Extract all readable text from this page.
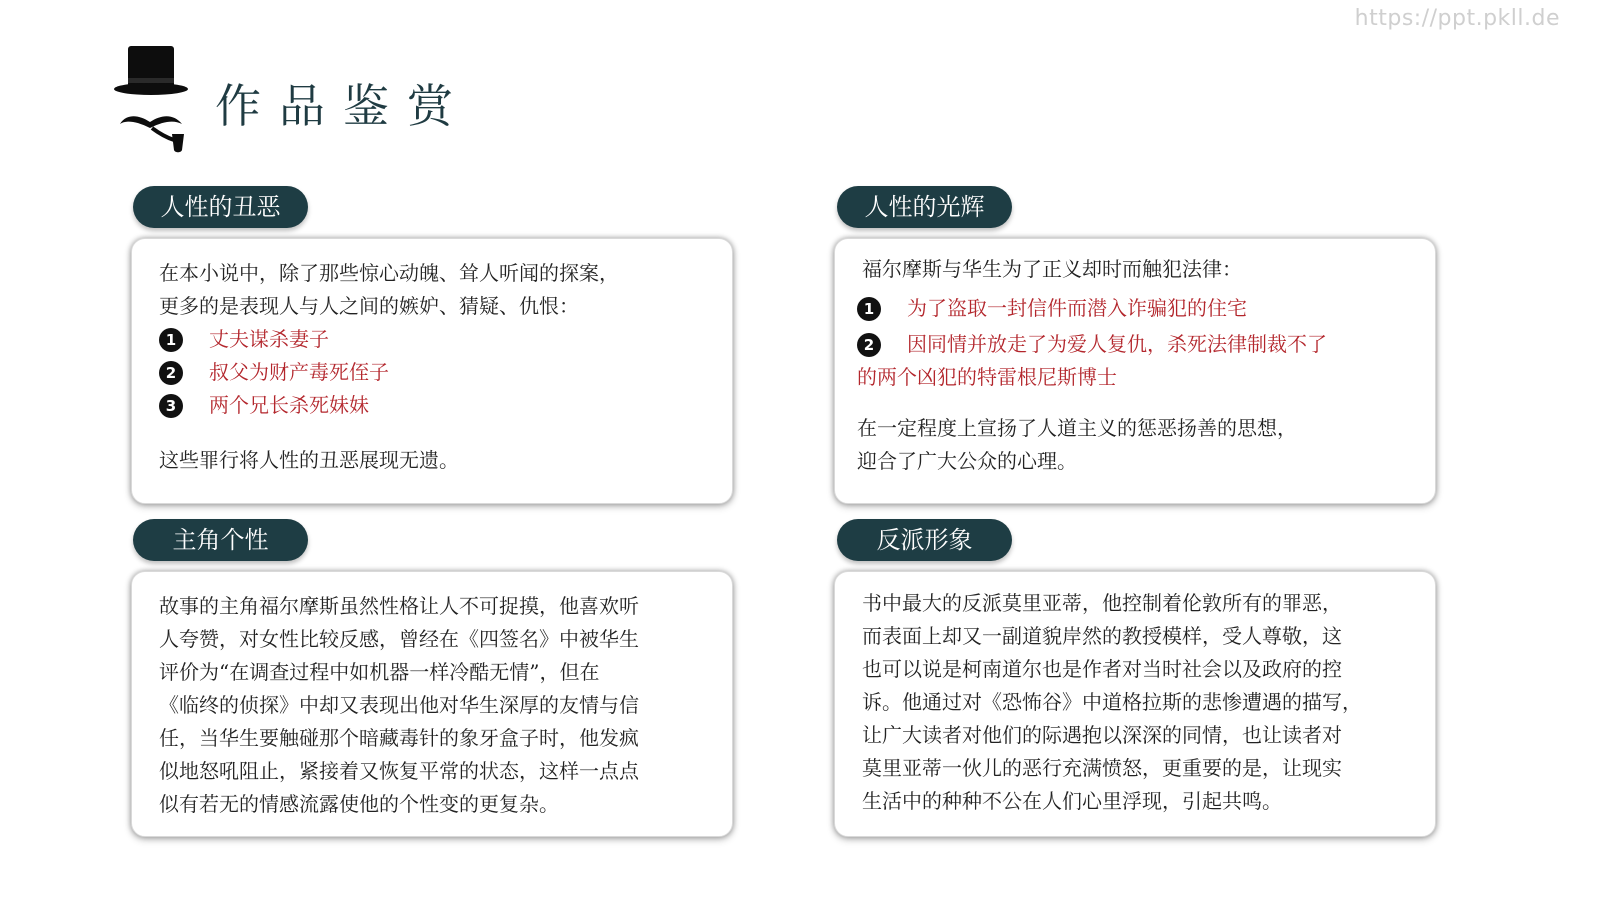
https://ppt.pkll.de
作品鉴赏
人性的丑恶

在本小说中，除了那些惊心动魄、耸人听闻的探案，

更多的是表现人与人之间的嫉妒、猜疑、仇恨：

1	丈夫谋杀妻子
2	叔父为财产毒死侄子
3	两个兄长杀死妹妹

这些罪行将人性的丑恶展现无遗。

人性的光辉

福尔摩斯与华生为了正义却时而触犯法律：

1	为了盗取一封信件而潜入诈骗犯的住宅
2	因同情并放走了为爱人复仇，杀死法律制裁不了

的两个凶犯的特雷根尼斯博士

在一定程度上宣扬了人道主义的惩恶扬善的思想，

迎合了广大公众的心理。

主角个性

故事的主角福尔摩斯虽然性格让人不可捉摸，他喜欢听

人夸赞，对女性比较反感，曾经在《四签名》中被华生

评价为“在调查过程中如机器一样冷酷无情”，但在

《临终的侦探》中却又表现出他对华生深厚的友情与信

任，当华生要触碰那个暗藏毒针的象牙盒子时，他发疯

似地怒吼阻止，紧接着又恢复平常的状态，这样一点点

似有若无的情感流露使他的个性变的更复杂。

反派形象

书中最大的反派莫里亚蒂，他控制着伦敦所有的罪恶，

而表面上却又一副道貌岸然的教授模样，受人尊敬，这

也可以说是柯南道尔也是作者对当时社会以及政府的控

诉。他通过对《恐怖谷》中道格拉斯的悲惨遭遇的描写，

让广大读者对他们的际遇抱以深深的同情，也让读者对

莫里亚蒂一伙儿的恶行充满愤怒，更重要的是，让现实

生活中的种种不公在人们心里浮现，引起共鸣。
